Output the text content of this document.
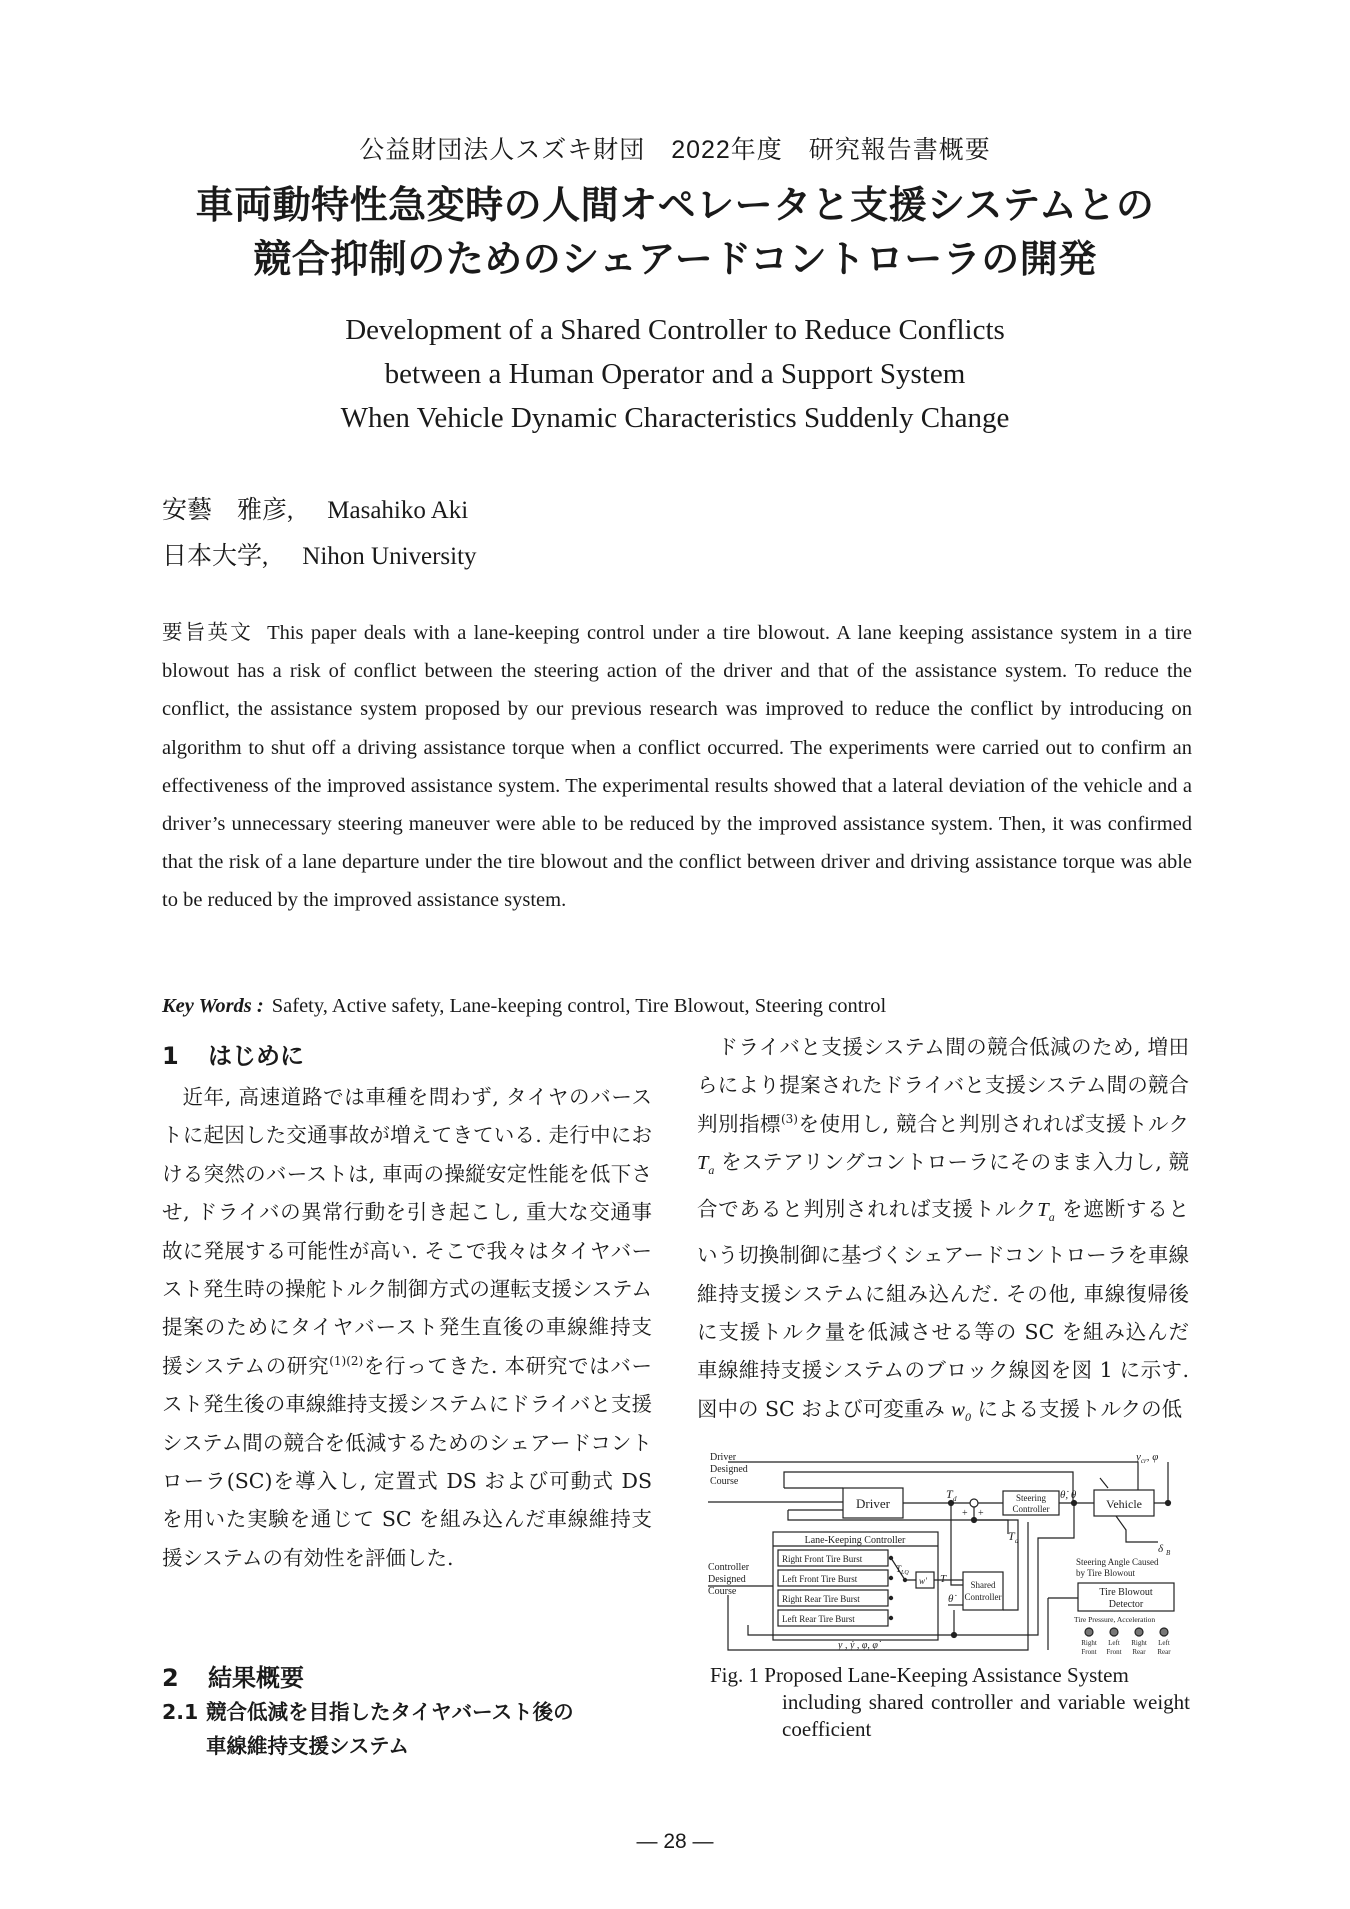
公益財団法人スズキ財団　2022年度　研究報告書概要
車両動特性急変時の人間オペレータと支援システムとの
競合抑制のためのシェアードコントローラの開発
Development of a Shared Controller to Reduce Conflicts
between a Human Operator and a Support System
When Vehicle Dynamic Characteristics Suddenly Change
安藝　雅彦, Masahiko Aki
日本大学, Nihon University
要旨英文 This paper deals with a lane-keeping control under a tire blowout. A lane keeping assistance system in a tire blowout has a risk of conflict between the steering action of the driver and that of the assistance system. To reduce the conflict, the assistance system proposed by our previous research was improved to reduce the conflict by introducing on algorithm to shut off a driving assistance torque when a conflict occurred. The experiments were carried out to confirm an effectiveness of the improved assistance system. The experimental results showed that a lateral deviation of the vehicle and a driver’s unnecessary steering maneuver were able to be reduced by the improved assistance system. Then, it was confirmed that the risk of a lane departure under the tire blowout and the conflict between driver and driving assistance torque was able to be reduced by the improved assistance system.
Key Words : Safety, Active safety, Lane-keeping control, Tire Blowout, Steering control
1 はじめに
近年, 高速道路では車種を問わず, タイヤのバーストに起因した交通事故が増えてきている. 走行中における突然のバーストは, 車両の操縦安定性能を低下させ, ドライバの異常行動を引き起こし, 重大な交通事故に発展する可能性が高い. そこで我々はタイヤバースト発生時の操舵トルク制御方式の運転支援システム提案のためにタイヤバースト発生直後の車線維持支援システムの研究$^{(1)(2)}$を行ってきた. 本研究ではバースト発生後の車線維持支援システムにドライバと支援システム間の競合を低減するためのシェアードコントローラ(SC)を導入し, 定置式 DS および可動式 DS を用いた実験を通じて SC を組み込んだ車線維持支援システムの有効性を評価した.
2 結果概要
2.1 競合低減を目指したタイヤバースト後の
車線維持支援システム
ドライバと支援システム間の競合低減のため, 増田らにより提案されたドライバと支援システム間の競合判別指標$^{(3)}$を使用し, 競合と判別されれば支援トルク$T_a$ をステアリングコントローラにそのまま入力し, 競合であると判別されれば支援トルク$T_a$ を遮断するという切換制御に基づくシェアードコントローラを車線維持支援システムに組み込んだ. その他, 車線復帰後に支援トルク量を低減させる等の SC を組み込んだ車線維持支援システムのブロック線図を図 1 に示す. 図中の SC および可変重み $w_0$ による支援トルクの低
Driver
Driver
Designed
Course
T d
+ +
Steering
Controller
θ̇, θ
Vehicle
$y_{cr}$, φ
δ B
T a
T
Lane-Keeping Controller
Right Front Tire Burst
Left Front Tire Burst
Right Rear Tire Burst
Left Rear Tire Burst
$T_{LQ}$
w′
Controller
Designed
Course
Shared
Controller
θ̇
y , ẏ , φ, φ̇
Steering Angle Caused
by Tire Blowout
Tire Blowout
Detector
Tire Pressure, Acceleration
Right
Front
Left
Front
Right
Rear
Left
Rear
Fig. 1 Proposed Lane-Keeping Assistance System
including shared controller and variable weight coefficient
— 28 —
